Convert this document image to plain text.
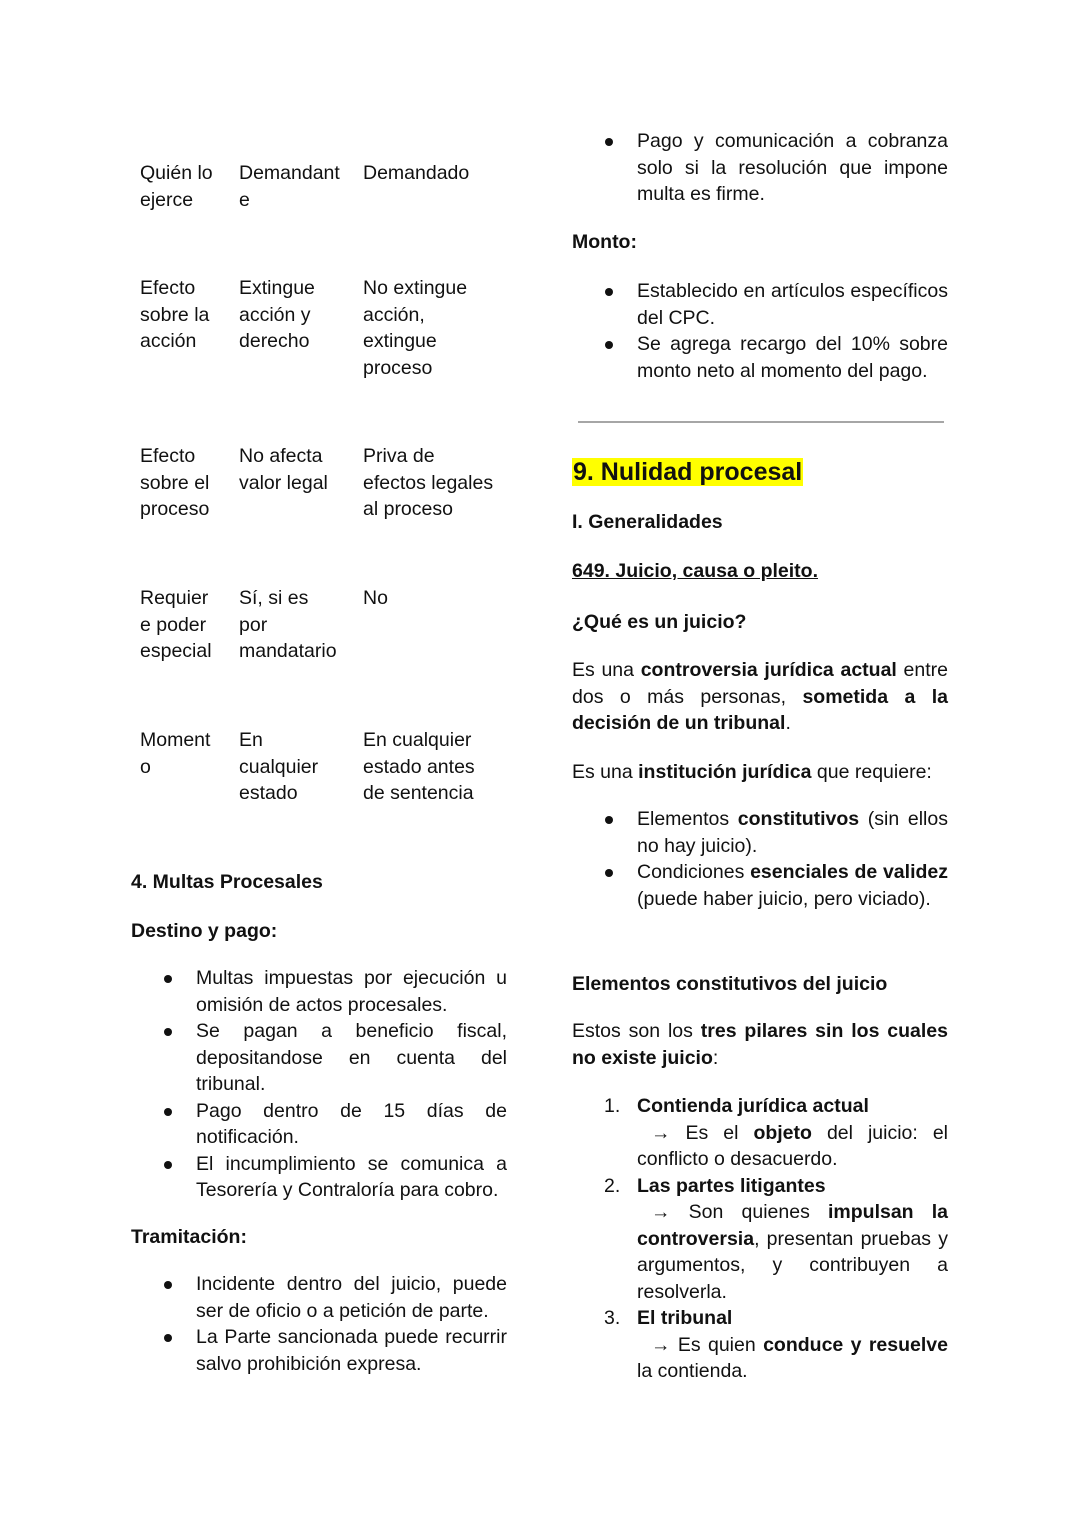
Quién lo
ejerce
Demandant
e
Demandado
Efecto
sobre la
acción
Extingue
acción y
derecho
No extingue
acción,
extingue
proceso
Efecto
sobre el
proceso
No afecta
valor legal
Priva de
efectos legales
al proceso
Requier
e poder
especial
Sí, si es
por
mandatario
No
Moment
o
En
cualquier
estado
En cualquier
estado antes
de sentencia
4. Multas Procesales
Destino y pago:
Multas impuestas por ejecución u omisión de actos procesales.
Se pagan a beneficio fiscal, depositandose en cuenta del tribunal.
Pago dentro de 15 días de notificación.
El incumplimiento se comunica a Tesorería y Contraloría para cobro.
Tramitación:
Incidente dentro del juicio, puede ser de oficio o a petición de parte.
La Parte sancionada puede recurrir salvo prohibición expresa.
Pago y comunicación a cobranza solo si la resolución que impone multa es firme.
Monto:
Establecido en artículos específicos del CPC.
Se agrega recargo del 10% sobre monto neto al momento del pago.
9. Nulidad procesal
I. Generalidades
649. Juicio, causa o pleito.
¿Qué es un juicio?

Es una controversia jurídica actual entre dos o más personas, sometida a la decisión de un tribunal.

Es una institución jurídica que requiere:

Elementos constitutivos (sin ellos no hay juicio).
Condiciones esenciales de validez (puede haber juicio, pero viciado).
Elementos constitutivos del juicio

Estos son los tres pilares sin los cuales no existe juicio:

1. Contienda jurídica actual
→ Es el objeto del juicio: el conflicto o desacuerdo.
2. Las partes litigantes
→ Son quienes impulsan la controversia, presentan pruebas y argumentos, y contribuyen a resolverla.
3. El tribunal
→ Es quien conduce y resuelve la contienda.
